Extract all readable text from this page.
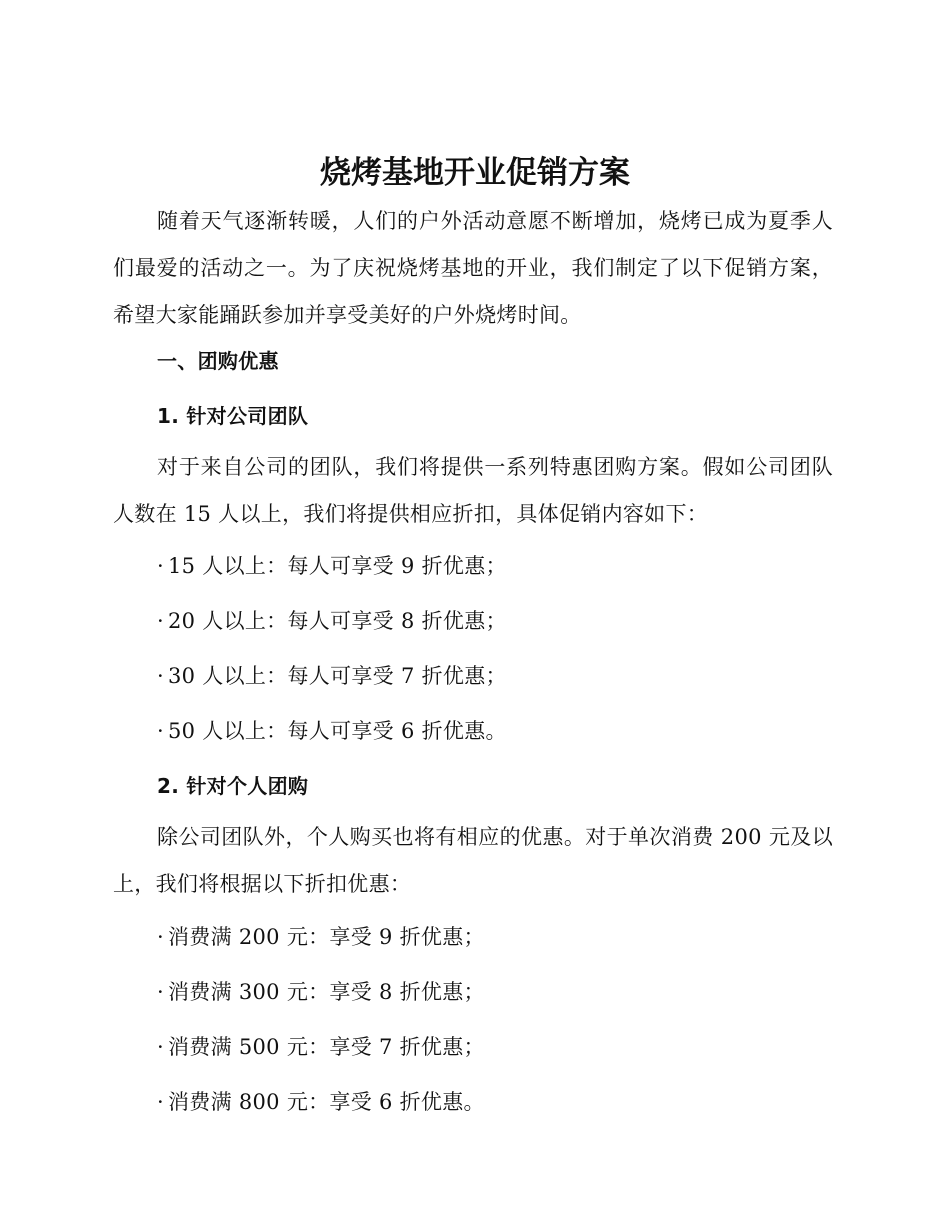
烧烤基地开业促销方案

随着天气逐渐转暖，人们的户外活动意愿不断增加，烧烤已成为夏季人们最爱的活动之一。为了庆祝烧烤基地的开业，我们制定了以下促销方案，希望大家能踊跃参加并享受美好的户外烧烤时间。

一、团购优惠
1. 针对公司团队

对于来自公司的团队，我们将提供一系列特惠团购方案。假如公司团队人数在 15 人以上，我们将提供相应折扣，具体促销内容如下：

· 15 人以上：每人可享受 9 折优惠；
· 20 人以上：每人可享受 8 折优惠；
· 30 人以上：每人可享受 7 折优惠；
· 50 人以上：每人可享受 6 折优惠。
2. 针对个人团购

除公司团队外，个人购买也将有相应的优惠。对于单次消费 200 元及以上，我们将根据以下折扣优惠：

· 消费满 200 元：享受 9 折优惠；
· 消费满 300 元：享受 8 折优惠；
· 消费满 500 元：享受 7 折优惠；
· 消费满 800 元：享受 6 折优惠。
